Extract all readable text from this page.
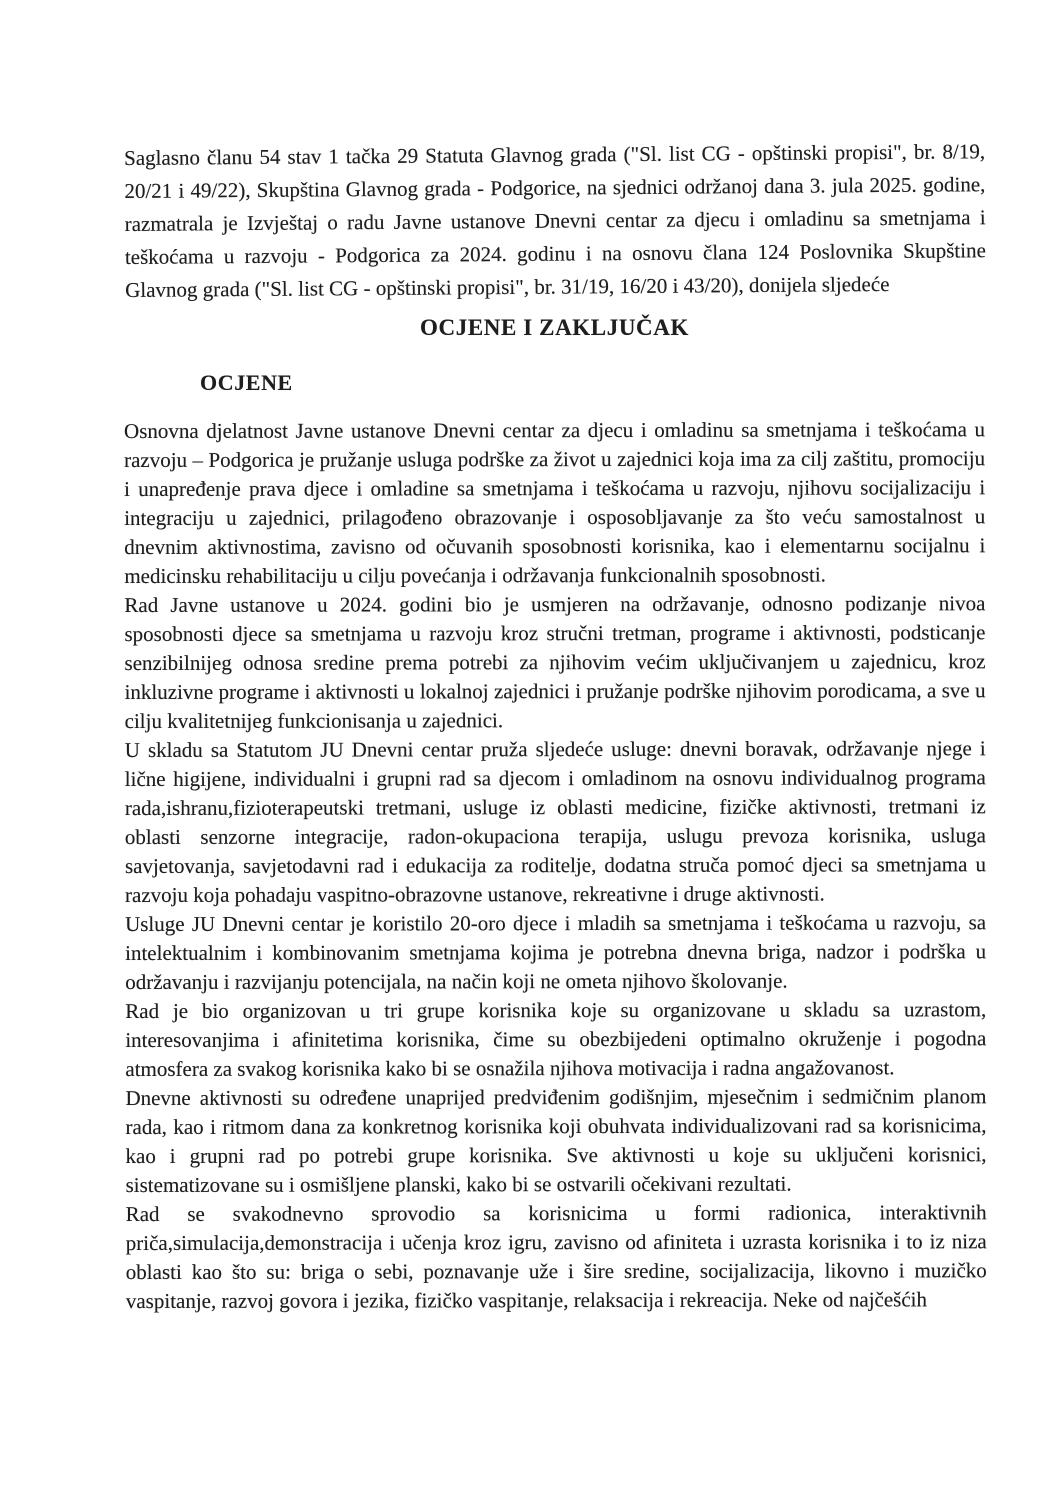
Saglasno članu 54 stav 1 tačka 29 Statuta Glavnog grada ("Sl. list CG - opštinski propisi", br. 8/19, 20/21 i 49/22), Skupština Glavnog grada - Podgorice, na sjednici održanoj dana 3. jula 2025. godine, razmatrala je Izvještaj o radu Javne ustanove Dnevni centar za djecu i omladinu sa smetnjama i teškoćama u razvoju - Podgorica za 2024. godinu i na osnovu člana 124 Poslovnika Skupštine Glavnog grada ("Sl. list CG - opštinski propisi", br. 31/19, 16/20 i 43/20), donijela sljedeće

OCJENE I ZAKLJUČAK
OCJENE

Osnovna djelatnost Javne ustanove Dnevni centar za djecu i omladinu sa smetnjama i teškoćama u razvoju – Podgorica je pružanje usluga podrške za život u zajednici koja ima za cilj zaštitu, promociju i unapređenje prava djece i omladine sa smetnjama i teškoćama u razvoju, njihovu socijalizaciju i integraciju u zajednici, prilagođeno obrazovanje i osposobljavanje za što veću samostalnost u dnevnim aktivnostima, zavisno od očuvanih sposobnosti korisnika, kao i elementarnu socijalnu i medicinsku rehabilitaciju u cilju povećanja i održavanja funkcionalnih sposobnosti.

Rad Javne ustanove u 2024. godini bio je usmjeren na održavanje, odnosno podizanje nivoa sposobnosti djece sa smetnjama u razvoju kroz stručni tretman, programe i aktivnosti, podsticanje senzibilnijeg odnosa sredine prema potrebi za njihovim većim uključivanjem u zajednicu, kroz inkluzivne programe i aktivnosti u lokalnoj zajednici i pružanje podrške njihovim porodicama, a sve u cilju kvalitetnijeg funkcionisanja u zajednici.

U skladu sa Statutom JU Dnevni centar pruža sljedeće usluge: dnevni boravak, održavanje njege i lične higijene, individualni i grupni rad sa djecom i omladinom na osnovu individualnog programa rada,ishranu,fizioterapeutski tretmani, usluge iz oblasti medicine, fizičke aktivnosti, tretmani iz oblasti senzorne integracije, radon-okupaciona terapija, uslugu prevoza korisnika, usluga savjetovanja, savjetodavni rad i edukacija za roditelje, dodatna struča pomoć djeci sa smetnjama u razvoju koja pohadaju vaspitno-obrazovne ustanove, rekreativne i druge aktivnosti.

Usluge JU Dnevni centar je koristilo 20-oro djece i mladih sa smetnjama i teškoćama u razvoju, sa intelektualnim i kombinovanim smetnjama kojima je potrebna dnevna briga, nadzor i podrška u održavanju i razvijanju potencijala, na način koji ne ometa njihovo školovanje.

Rad je bio organizovan u tri grupe korisnika koje su organizovane u skladu sa uzrastom, interesovanjima i afinitetima korisnika, čime su obezbijedeni optimalno okruženje i pogodna atmosfera za svakog korisnika kako bi se osnažila njihova motivacija i radna angažovanost.

Dnevne aktivnosti su određene unaprijed predviđenim godišnjim, mjesečnim i sedmičnim planom rada, kao i ritmom dana za konkretnog korisnika koji obuhvata individualizovani rad sa korisnicima, kao i grupni rad po potrebi grupe korisnika. Sve aktivnosti u koje su uključeni korisnici, sistematizovane su i osmišljene planski, kako bi se ostvarili očekivani rezultati.

Rad se svakodnevno sprovodio sa korisnicima u formi radionica, interaktivnih priča,simulacija,demonstracija i učenja kroz igru, zavisno od afiniteta i uzrasta korisnika i to iz niza oblasti kao što su: briga o sebi, poznavanje uže i šire sredine, socijalizacija, likovno i muzičko vaspitanje, razvoj govora i jezika, fizičko vaspitanje, relaksacija i rekreacija. Neke od najčešćih
